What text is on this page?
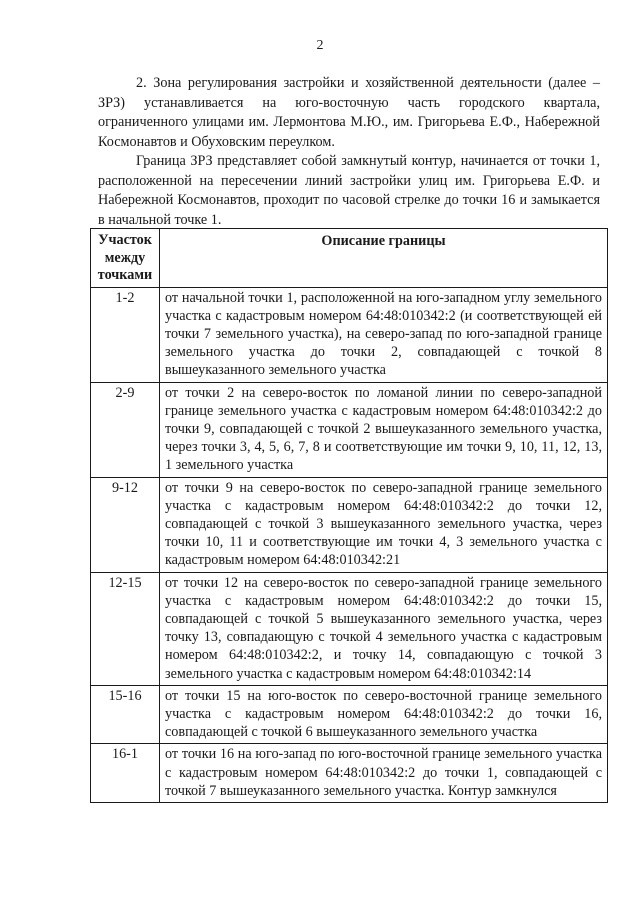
2

2. Зона регулирования застройки и хозяйственной деятельности (далее – ЗРЗ) устанавливается на юго-восточную часть городского квартала, ограниченного улицами им. Лермонтова М.Ю., им. Григорьева Е.Ф., Набережной Космонавтов и Обуховским переулком.

Граница ЗРЗ представляет собой замкнутый контур, начинается от точки 1, расположенной на пересечении линий застройки улиц им. Григорьева Е.Ф. и Набережной Космонавтов, проходит по часовой стрелке до точки 16 и замыкается в начальной точке 1.

Участок между точками	Описание границы
1-2	от начальной точки 1, расположенной на юго-западном углу земельного участка с кадастровым номером 64:48:010342:2 (и соответствующей ей точки 7 земельного участка), на северо-запад по юго-западной границе земельного участка до точки 2, совпадающей с точкой 8 вышеуказанного земельного участка
2-9	от точки 2 на северо-восток по ломаной линии по северо-западной границе земельного участка с кадастровым номером 64:48:010342:2 до точки 9, совпадающей с точкой 2 вышеуказанного земельного участка, через точки 3, 4, 5, 6, 7, 8 и соответствующие им точки 9, 10, 11, 12, 13, 1 земельного участка
9-12	от точки 9 на северо-восток по северо-западной границе земельного участка с кадастровым номером 64:48:010342:2 до точки 12, совпадающей с точкой 3 вышеуказанного земельного участка, через точки 10, 11 и соответствующие им точки 4, 3 земельного участка с кадастровым номером 64:48:010342:21
12-15	от точки 12 на северо-восток по северо-западной границе земельного участка с кадастровым номером 64:48:010342:2 до точки 15, совпадающей с точкой 5 вышеуказанного земельного участка, через точку 13, совпадающую с точкой 4 земельного участка с кадастровым номером 64:48:010342:2, и точку 14, совпадающую с точкой 3 земельного участка с кадастровым номером 64:48:010342:14
15-16	от точки 15 на юго-восток по северо-восточной границе земельного участка с кадастровым номером 64:48:010342:2 до точки 16, совпадающей с точкой 6 вышеуказанного земельного участка
16-1	от точки 16 на юго-запад по юго-восточной границе земельного участка с кадастровым номером 64:48:010342:2 до точки 1, совпадающей с точкой 7 вышеуказанного земельного участка. Контур замкнулся
